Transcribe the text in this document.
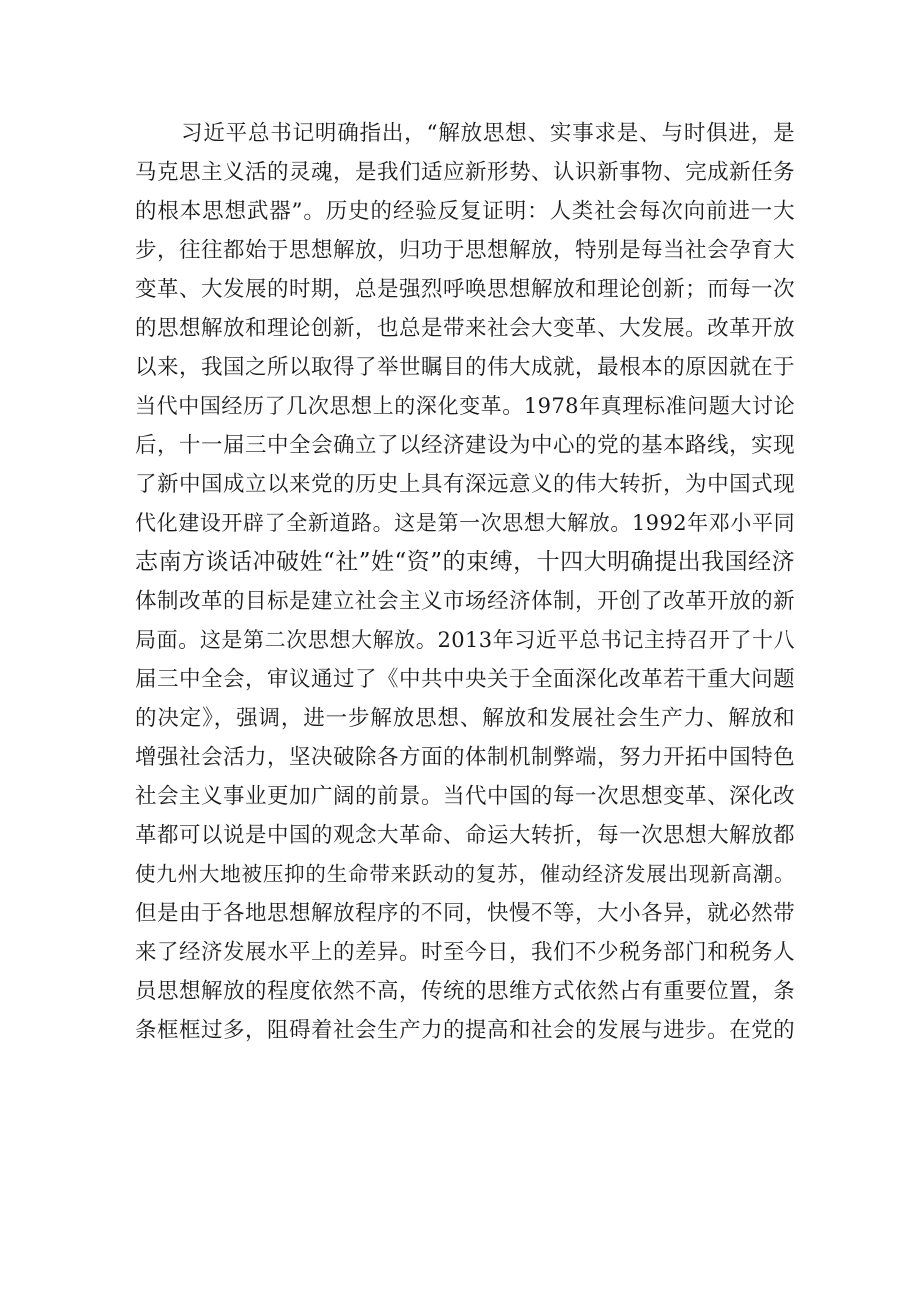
习近平总书记明确指出，“解放思想、实事求是、与时俱进，是
马克思主义活的灵魂，是我们适应新形势、认识新事物、完成新任务
的根本思想武器”。历史的经验反复证明：人类社会每次向前进一大
步，往往都始于思想解放，归功于思想解放，特别是每当社会孕育大
变革、大发展的时期，总是强烈呼唤思想解放和理论创新；而每一次
的思想解放和理论创新，也总是带来社会大变革、大发展。改革开放
以来，我国之所以取得了举世瞩目的伟大成就，最根本的原因就在于
当代中国经历了几次思想上的深化变革。1978年真理标准问题大讨论
后，十一届三中全会确立了以经济建设为中心的党的基本路线，实现
了新中国成立以来党的历史上具有深远意义的伟大转折，为中国式现
代化建设开辟了全新道路。这是第一次思想大解放。1992年邓小平同
志南方谈话冲破姓“社”姓“资”的束缚，十四大明确提出我国经济
体制改革的目标是建立社会主义市场经济体制，开创了改革开放的新
局面。这是第二次思想大解放。2013年习近平总书记主持召开了十八
届三中全会，审议通过了《中共中央关于全面深化改革若干重大问题
的决定》，强调，进一步解放思想、解放和发展社会生产力、解放和
增强社会活力，坚决破除各方面的体制机制弊端，努力开拓中国特色
社会主义事业更加广阔的前景。当代中国的每一次思想变革、深化改
革都可以说是中国的观念大革命、命运大转折，每一次思想大解放都
使九州大地被压抑的生命带来跃动的复苏，催动经济发展出现新高潮。
但是由于各地思想解放程序的不同，快慢不等，大小各异，就必然带
来了经济发展水平上的差异。时至今日，我们不少税务部门和税务人
员思想解放的程度依然不高，传统的思维方式依然占有重要位置，条
条框框过多，阻碍着社会生产力的提高和社会的发展与进步。在党的
